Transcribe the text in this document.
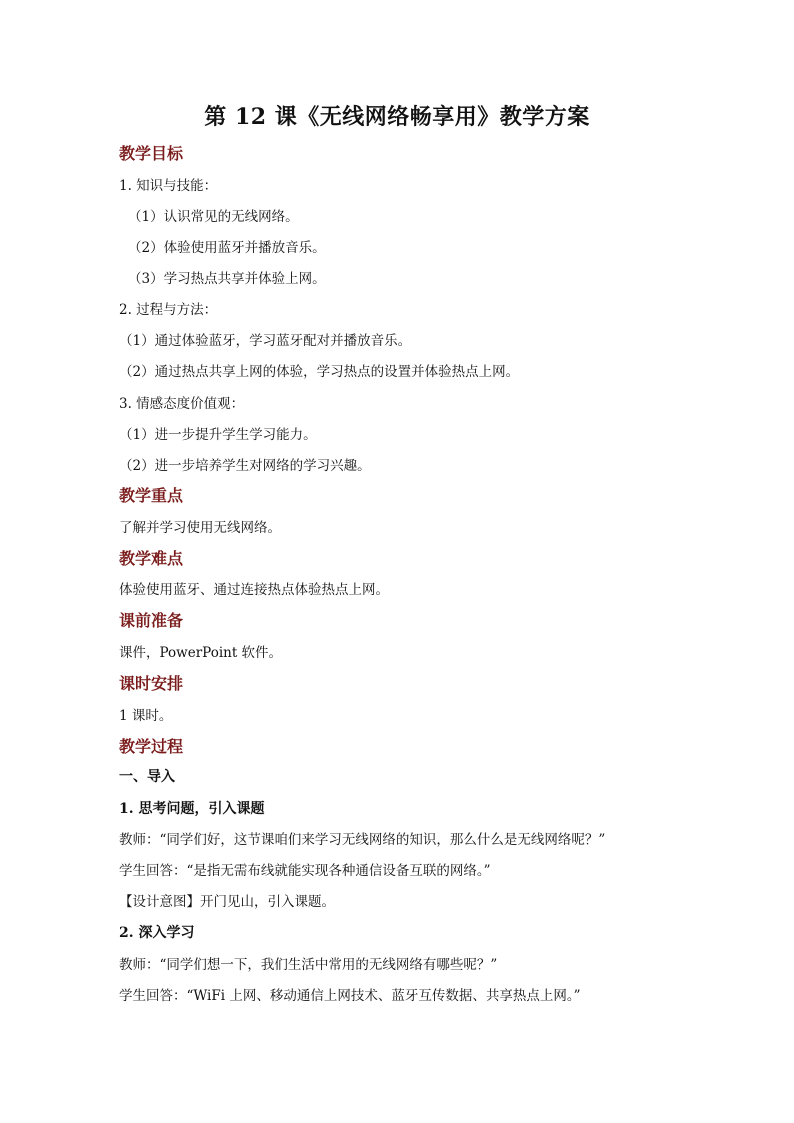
第 12 课《无线网络畅享用》教学方案
教学目标
1. 知识与技能：
（1）认识常见的无线网络。
（2）体验使用蓝牙并播放音乐。
（3）学习热点共享并体验上网。
2. 过程与方法：
（1）通过体验蓝牙，学习蓝牙配对并播放音乐。
（2）通过热点共享上网的体验，学习热点的设置并体验热点上网。
3. 情感态度价值观：
（1）进一步提升学生学习能力。
（2）进一步培养学生对网络的学习兴趣。
教学重点
了解并学习使用无线网络。
教学难点
体验使用蓝牙、通过连接热点体验热点上网。
课前准备
课件，PowerPoint 软件。
课时安排
1 课时。
教学过程
一、导入
1. 思考问题，引入课题
教师：“同学们好，这节课咱们来学习无线网络的知识，那么什么是无线网络呢？”
学生回答：“是指无需布线就能实现各种通信设备互联的网络。”
【设计意图】开门见山，引入课题。
2. 深入学习
教师：“同学们想一下，我们生活中常用的无线网络有哪些呢？”
学生回答：“WiFi 上网、移动通信上网技术、蓝牙互传数据、共享热点上网。”
